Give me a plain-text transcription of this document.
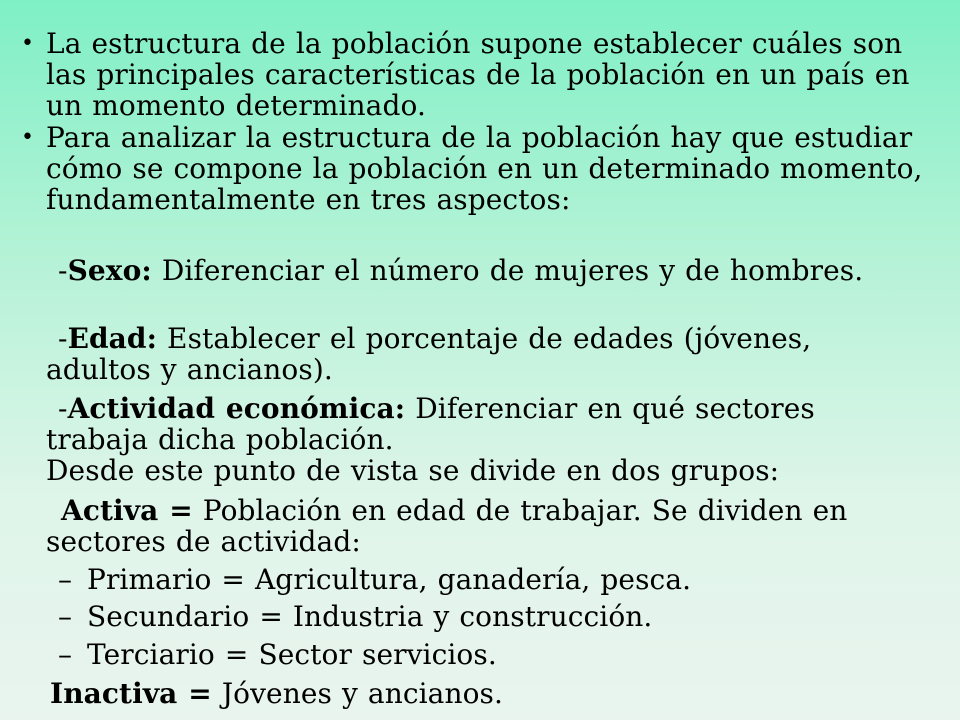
• La estructura de la población supone establecer cuáles son las principales características de la población en un país en un momento determinado.
• Para analizar la estructura de la población hay que estudiar cómo se compone la población en un determinado momento, fundamentalmente en tres aspectos:
-Sexo: Diferenciar el número de mujeres y de hombres.
-Edad: Establecer el porcentaje de edades (jóvenes, adultos y ancianos).
-Actividad económica: Diferenciar en qué sectores trabaja dicha población.
Desde este punto de vista se divide en dos grupos:
Activa = Población en edad de trabajar. Se dividen en sectores de actividad:
– Primario = Agricultura, ganadería, pesca.
– Secundario = Industria y construcción.
– Terciario = Sector servicios.
Inactiva = Jóvenes y ancianos.
